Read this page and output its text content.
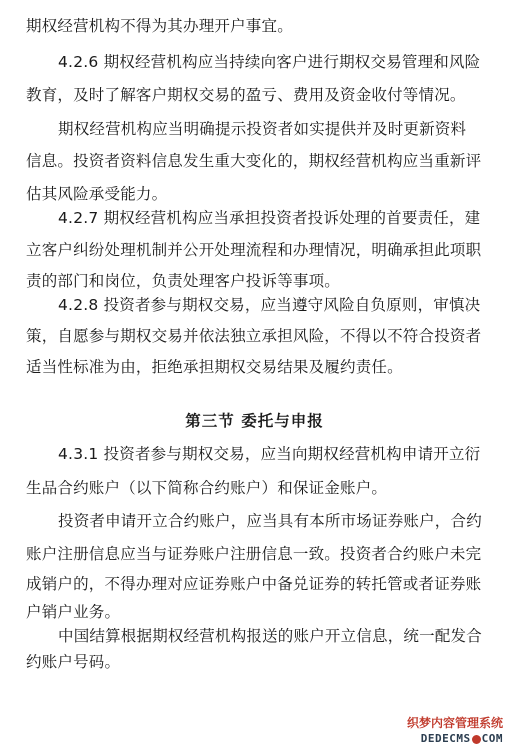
期权经营机构不得为其办理开户事宜。
4.2.6 期权经营机构应当持续向客户进行期权交易管理和风险
教育，及时了解客户期权交易的盈亏、费用及资金收付等情况。
期权经营机构应当明确提示投资者如实提供并及时更新资料
信息。投资者资料信息发生重大变化的，期权经营机构应当重新评
估其风险承受能力。
4.2.7 期权经营机构应当承担投资者投诉处理的首要责任，建
立客户纠纷处理机制并公开处理流程和办理情况，明确承担此项职
责的部门和岗位，负责处理客户投诉等事项。
4.2.8 投资者参与期权交易，应当遵守风险自负原则，审慎决
策，自愿参与期权交易并依法独立承担风险，不得以不符合投资者
适当性标准为由，拒绝承担期权交易结果及履约责任。
第三节 委托与申报
4.3.1 投资者参与期权交易，应当向期权经营机构申请开立衍
生品合约账户（以下简称合约账户）和保证金账户。
投资者申请开立合约账户，应当具有本所市场证券账户，合约
账户注册信息应当与证券账户注册信息一致。投资者合约账户未完
成销户的，不得办理对应证券账户中备兑证券的转托管或者证券账
户销户业务。
中国结算根据期权经营机构报送的账户开立信息，统一配发合
约账户号码。
织梦内容管理系统
DEDECMS COM
